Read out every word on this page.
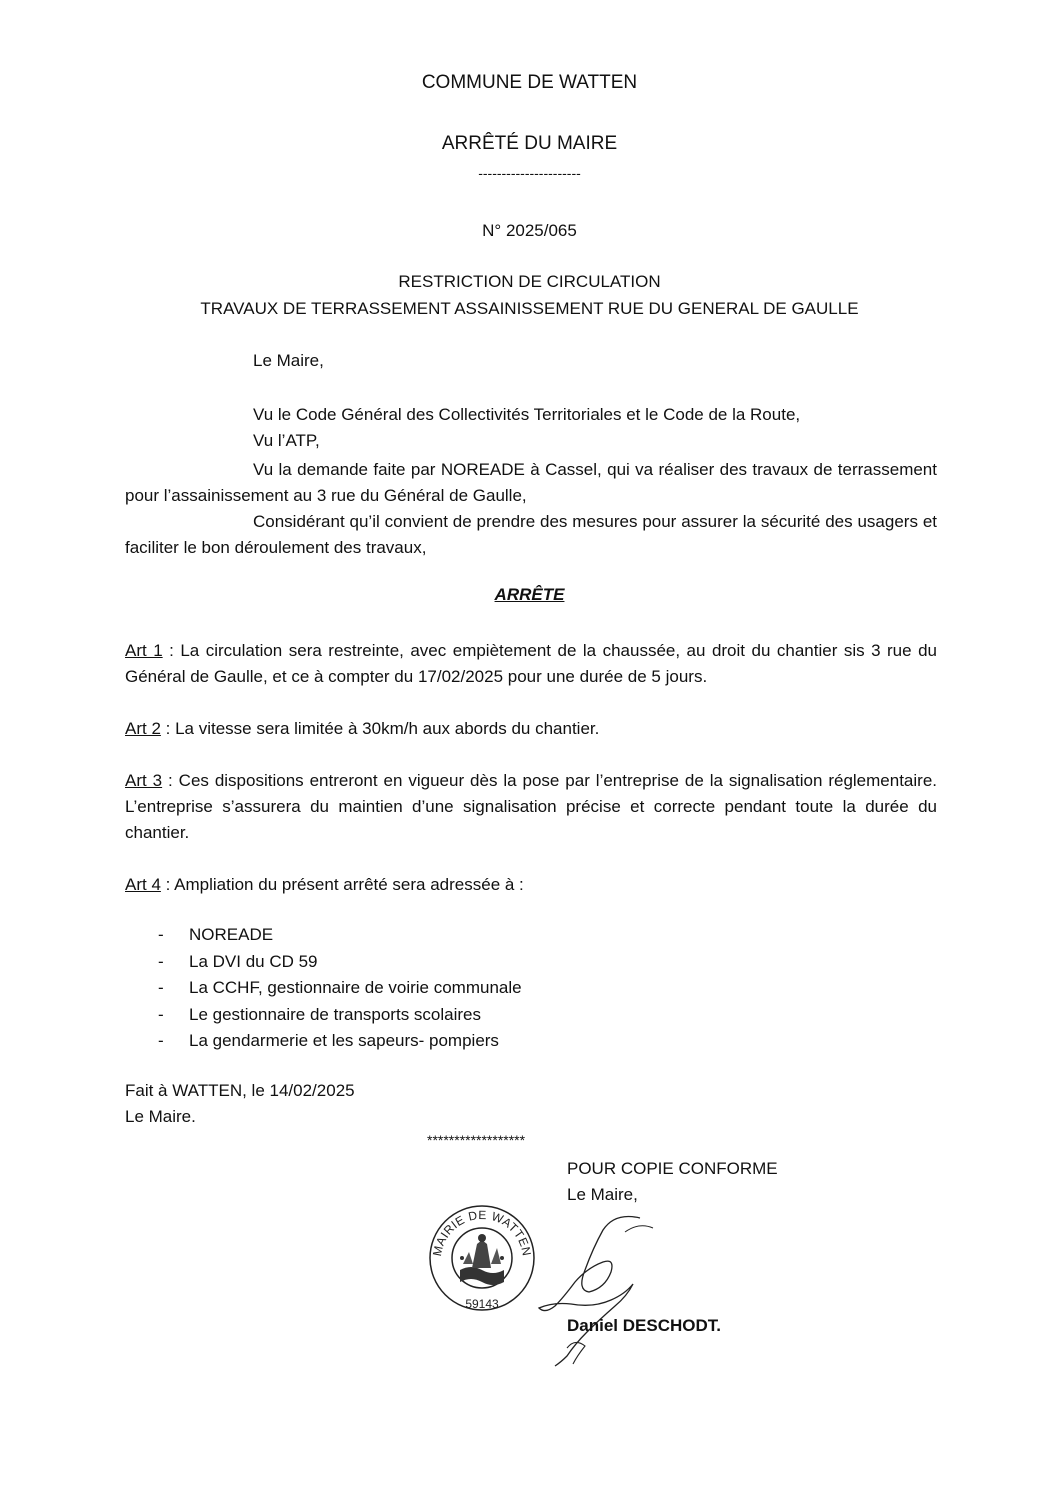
COMMUNE DE WATTEN
ARRÊTÉ DU MAIRE
----------------------
N° 2025/065
RESTRICTION DE CIRCULATION
TRAVAUX DE TERRASSEMENT ASSAINISSEMENT RUE DU GENERAL DE GAULLE
Le Maire,
Vu le Code Général des Collectivités Territoriales et le Code de la Route,
Vu l’ATP,
Vu la demande faite par NOREADE à Cassel, qui va réaliser des travaux de terrassement pour l’assainissement au 3 rue du Général de Gaulle,
Considérant qu’il convient de prendre des mesures pour assurer la sécurité des usagers et faciliter le bon déroulement des travaux,
ARRÊTE
Art 1 : La circulation sera restreinte, avec empiètement de la chaussée, au droit du chantier sis 3 rue du Général de Gaulle, et ce à compter du 17/02/2025 pour une durée de 5 jours.
Art 2 : La vitesse sera limitée à 30km/h aux abords du chantier.
Art 3 : Ces dispositions entreront en vigueur dès la pose par l’entreprise de la signalisation réglementaire. L’entreprise s’assurera du maintien d’une signalisation précise et correcte pendant toute la durée du chantier.
Art 4 : Ampliation du présent arrêté sera adressée à :
- NOREADE
- La DVI du CD 59
- La CCHF, gestionnaire de voirie communale
- Le gestionnaire de transports scolaires
- La gendarmerie et les sapeurs- pompiers
Fait à WATTEN, le 14/02/2025
Le Maire.
******************
POUR COPIE CONFORME
Le Maire,
MAIRIE DE WATTEN
59143
Daniel DESCHODT.
